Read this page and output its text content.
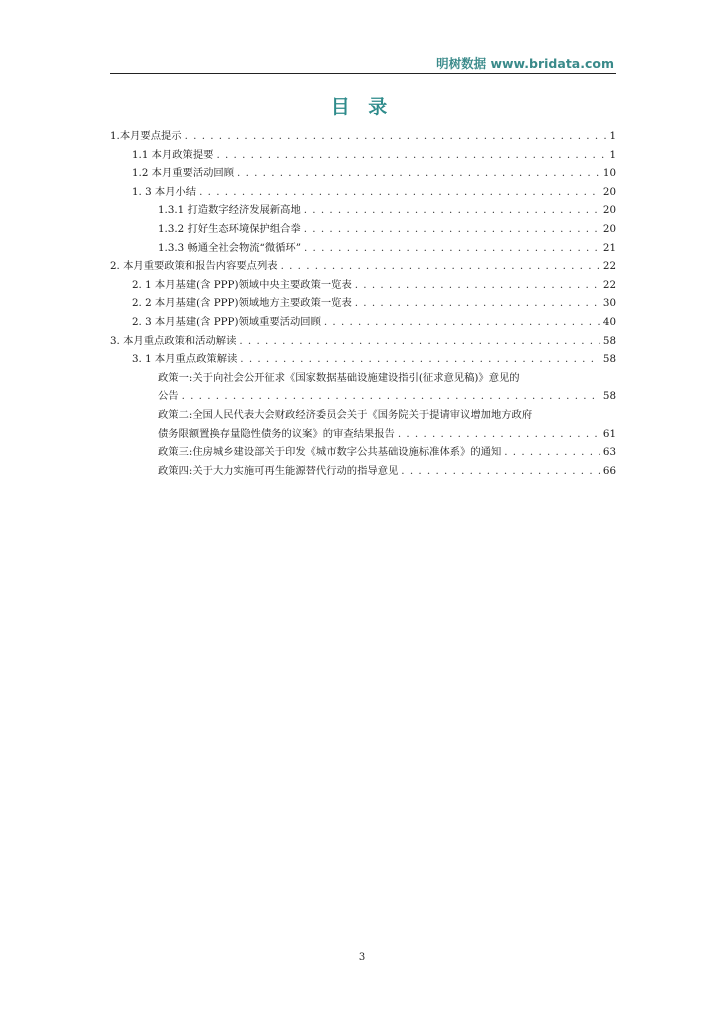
明树数据 www.bridata.com
目 录
1.本月要点提示 . . .	1
1.1 本月政策提要 . . .	1
1.2 本月重要活动回顾 . . .	10
1. 3 本月小结 . . .	20
1.3.1 打造数字经济发展新高地 . . .	20
1.3.2 打好生态环境保护组合拳 . . .	20
1.3.3 畅通全社会物流“微循环” . . .	21
2. 本月重要政策和报告内容要点列表 . . .	22
2. 1 本月基建(含 PPP)领域中央主要政策一览表 . . .	22
2. 2 本月基建(含 PPP)领域地方主要政策一览表 . . .	30
2. 3 本月基建(含 PPP)领域重要活动回顾 . . .	40
3. 本月重点政策和活动解读 . . .	58
3. 1 本月重点政策解读 . . .	58
政策一:关于向社会公开征求《国家数据基础设施建设指引(征求意见稿)》意见的
公告 . . .	58
政策二:全国人民代表大会财政经济委员会关于《国务院关于提请审议增加地方政府
债务限额置换存量隐性债务的议案》的审查结果报告 . . .	61
政策三:住房城乡建设部关于印发《城市数字公共基础设施标准体系》的通知 . . .	63
政策四:关于大力实施可再生能源替代行动的指导意见 . . .	66
3
